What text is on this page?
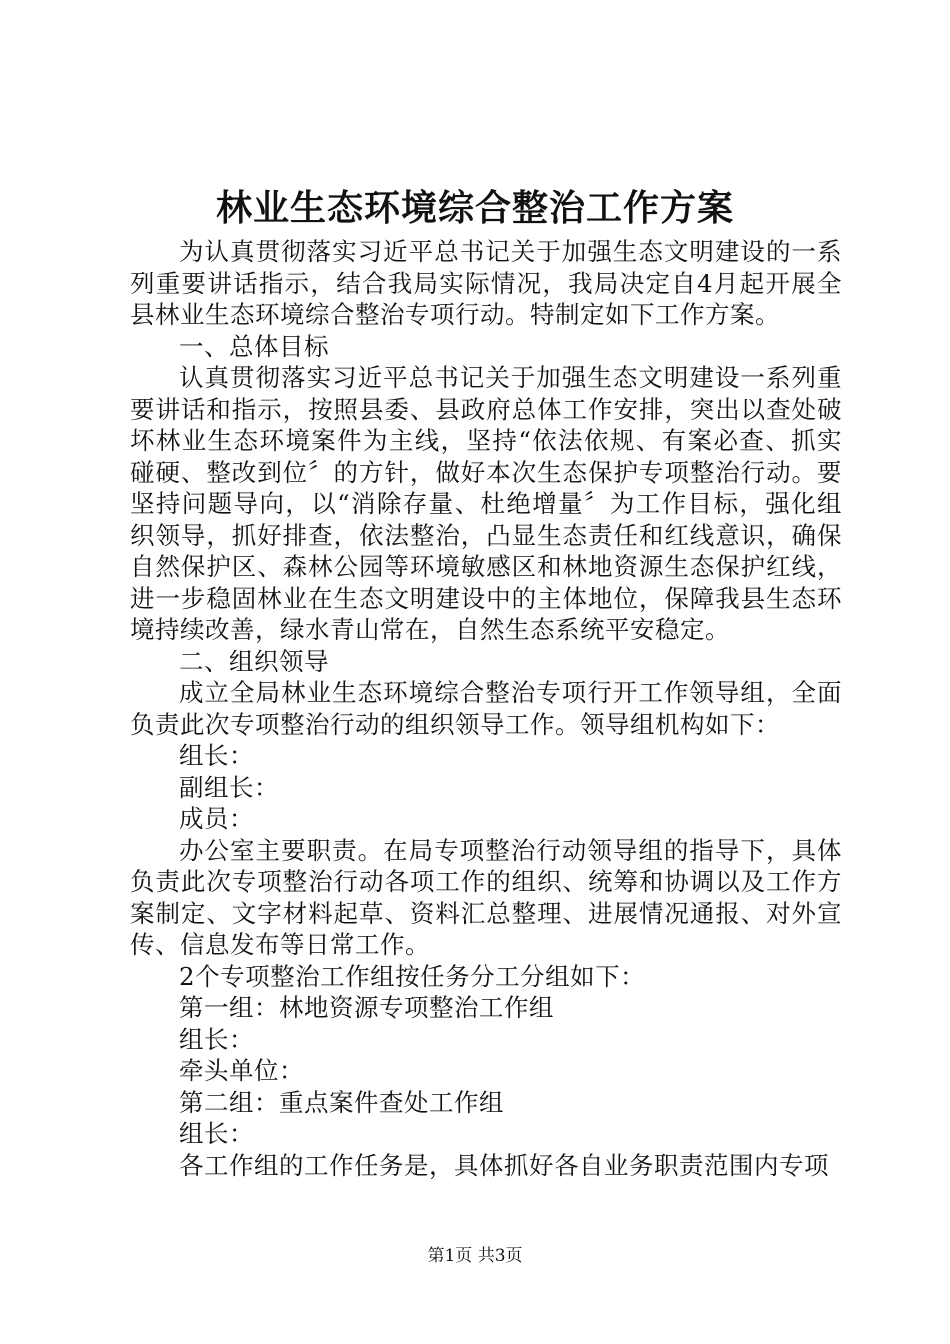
林业生态环境综合整治工作方案

为认真贯彻落实习近平总书记关于加强生态文明建设的一系列重要讲话指示，结合我局实际情况，我局决定自4月起开展全县林业生态环境综合整治专项行动。特制定如下工作方案。

一、总体目标

认真贯彻落实习近平总书记关于加强生态文明建设一系列重要讲话和指示，按照县委、县政府总体工作安排，突出以查处破坏林业生态环境案件为主线，坚持“依法依规、有案必查、抓实碰硬、整改到位〞的方针，做好本次生态保护专项整治行动。要坚持问题导向，以“消除存量、杜绝增量〞为工作目标，强化组织领导，抓好排查，依法整治，凸显生态责任和红线意识，确保自然保护区、森林公园等环境敏感区和林地资源生态保护红线，进一步稳固林业在生态文明建设中的主体地位，保障我县生态环境持续改善，绿水青山常在，自然生态系统平安稳定。

二、组织领导

成立全局林业生态环境综合整治专项行开工作领导组，全面负责此次专项整治行动的组织领导工作。领导组机构如下：

组长：

副组长：

成员：

办公室主要职责。在局专项整治行动领导组的指导下，具体负责此次专项整治行动各项工作的组织、统筹和协调以及工作方案制定、文字材料起草、资料汇总整理、进展情况通报、对外宣传、信息发布等日常工作。

2个专项整治工作组按任务分工分组如下：

第一组：林地资源专项整治工作组

组长：

牵头单位：

第二组：重点案件查处工作组

组长：

各工作组的工作任务是，具体抓好各自业务职责范围内专项

第1页 共3页
